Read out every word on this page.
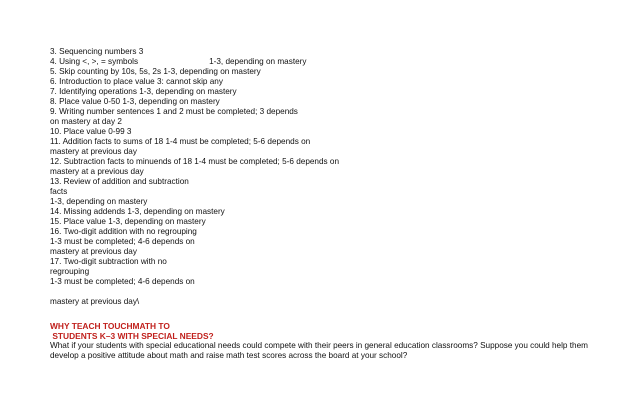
3. Sequencing numbers 3
4. Using <, >, = symbols	1-3, depending on mastery
5. Skip counting by 10s, 5s, 2s 1-3, depending on mastery
6. Introduction to place value 3: cannot skip any
7. Identifying operations 1-3, depending on mastery
8. Place value 0-50 1-3, depending on mastery
9. Writing number sentences 1 and 2 must be completed; 3 depends
on mastery at day 2
10. Place value 0-99 3
11. Addition facts to sums of 18 1-4 must be completed; 5-6 depends on
mastery at previous day
12. Subtraction facts to minuends of 18 1-4 must be completed; 5-6 depends on
mastery at a previous day
13. Review of addition and subtraction
facts
1-3, depending on mastery
14. Missing addends 1-3, depending on mastery
15. Place value 1-3, depending on mastery
16. Two-digit addition with no regrouping
1-3 must be completed; 4-6 depends on
mastery at previous day
17. Two-digit subtraction with no
regrouping
1-3 must be completed; 4-6 depends on
mastery at previous day\
WHY TEACH TOUCHMATH TO
STUDENTS K–3 WITH SPECIAL NEEDS?
What if your students with special educational needs could compete with their peers in general education classrooms? Suppose you could help them
develop a positive attitude about math and raise math test scores across the board at your school?
